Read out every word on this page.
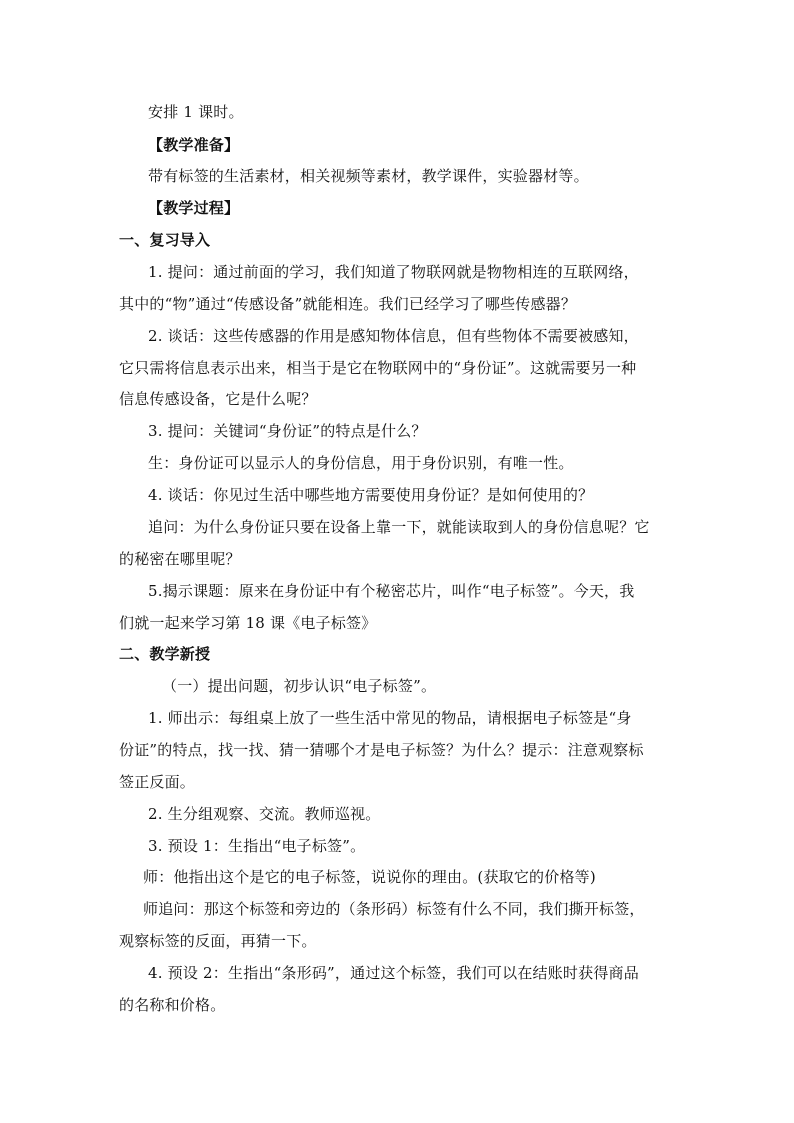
安排 1 课时。
【教学准备】
带有标签的生活素材，相关视频等素材，教学课件，实验器材等。
【教学过程】
一、复习导入
1. 提问：通过前面的学习，我们知道了物联网就是物物相连的互联网络，
其中的“物”通过“传感设备”就能相连。我们已经学习了哪些传感器？
2. 谈话：这些传感器的作用是感知物体信息，但有些物体不需要被感知，
它只需将信息表示出来，相当于是它在物联网中的“身份证”。这就需要另一种
信息传感设备，它是什么呢？
3. 提问：关键词“身份证”的特点是什么？
生：身份证可以显示人的身份信息，用于身份识别，有唯一性。
4. 谈话：你见过生活中哪些地方需要使用身份证？是如何使用的？
追问：为什么身份证只要在设备上靠一下，就能读取到人的身份信息呢？它
的秘密在哪里呢？
5.揭示课题：原来在身份证中有个秘密芯片，叫作“电子标签”。今天，我
们就一起来学习第 18 课《电子标签》
二、教学新授
（一）提出问题，初步认识“电子标签”。
1. 师出示：每组桌上放了一些生活中常见的物品，请根据电子标签是“身
份证”的特点，找一找、猜一猜哪个才是电子标签？为什么？提示：注意观察标
签正反面。
2. 生分组观察、交流。教师巡视。
3. 预设 1：生指出“电子标签”。
师：他指出这个是它的电子标签，说说你的理由。(获取它的价格等)
师追问：那这个标签和旁边的（条形码）标签有什么不同，我们撕开标签，
观察标签的反面，再猜一下。
4. 预设 2：生指出“条形码”，通过这个标签，我们可以在结账时获得商品
的名称和价格。
